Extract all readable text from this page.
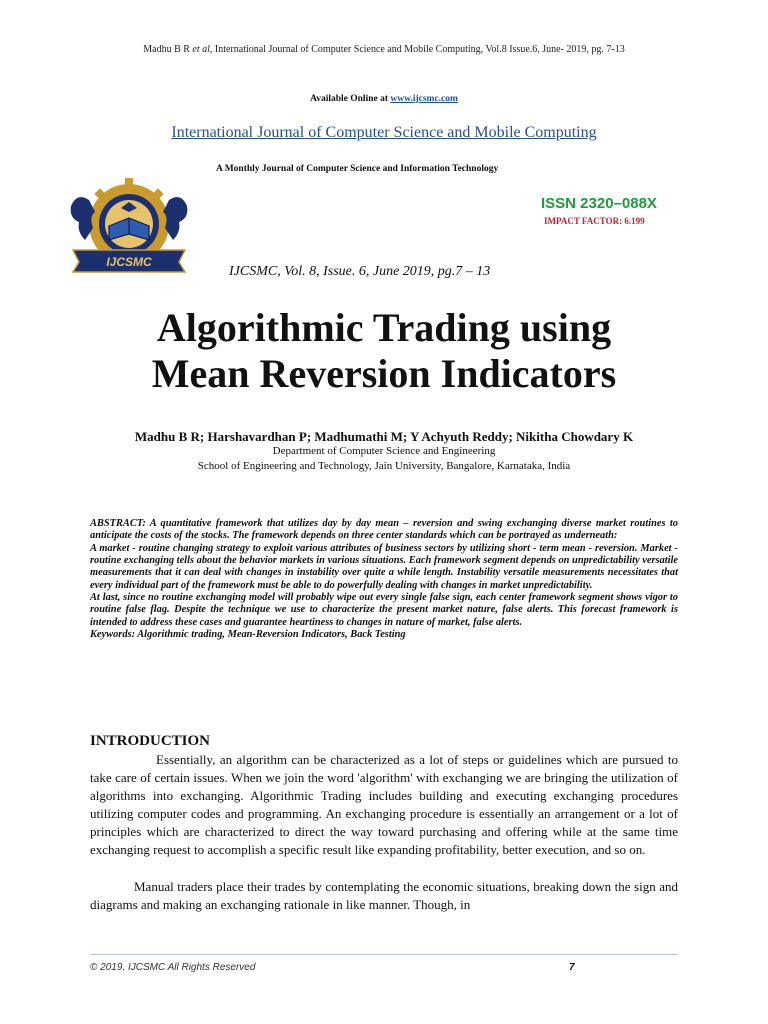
Madhu B R et al, International Journal of Computer Science and Mobile Computing, Vol.8 Issue.6, June- 2019, pg. 7-13
Available Online at www.ijcsmc.com
International Journal of Computer Science and Mobile Computing
A Monthly Journal of Computer Science and Information Technology
IJCSMC
ISSN 2320–088X
IMPACT FACTOR: 6.199
IJCSMC, Vol. 8, Issue. 6, June 2019, pg.7 – 13
Algorithmic Trading using
Mean Reversion Indicators
Madhu B R; Harshavardhan P; Madhumathi M; Y Achyuth Reddy; Nikitha Chowdary K
Department of Computer Science and Engineering
School of Engineering and Technology, Jain University, Bangalore, Karnataka, India

ABSTRACT: A quantitative framework that utilizes day by day mean – reversion and swing exchanging diverse market routines to anticipate the costs of the stocks. The framework depends on three center standards which can be portrayed as underneath:

A market - routine changing strategy to exploit various attributes of business sectors by utilizing short - term mean - reversion. Market - routine exchanging tells about the behavior markets in various situations. Each framework segment depends on unpredictability versatile measurements that it can deal with changes in instability over quite a while length. Instability versatile measurements necessitates that every individual part of the framework must be able to do powerfully dealing with changes in market unpredictability.

At last, since no routine exchanging model will probably wipe out every single false sign, each center framework segment shows vigor to routine false flag. Despite the technique we use to characterize the present market nature, false alerts. This forecast framework is intended to address these cases and guarantee heartiness to changes in nature of market, false alerts.

Keywords: Algorithmic trading, Mean-Reversion Indicators, Back Testing

INTRODUCTION

Essentially, an algorithm can be characterized as a lot of steps or guidelines which are pursued to take care of certain issues. When we join the word 'algorithm' with exchanging we are bringing the utilization of algorithms into exchanging. Algorithmic Trading includes building and executing exchanging procedures utilizing computer codes and programming. An exchanging procedure is essentially an arrangement or a lot of principles which are characterized to direct the way toward purchasing and offering while at the same time exchanging request to accomplish a specific result like expanding profitability, better execution, and so on.

Manual traders place their trades by contemplating the economic situations, breaking down the sign and diagrams and making an exchanging rationale in like manner. Though, in

© 2019, IJCSMC All Rights Reserved	7
